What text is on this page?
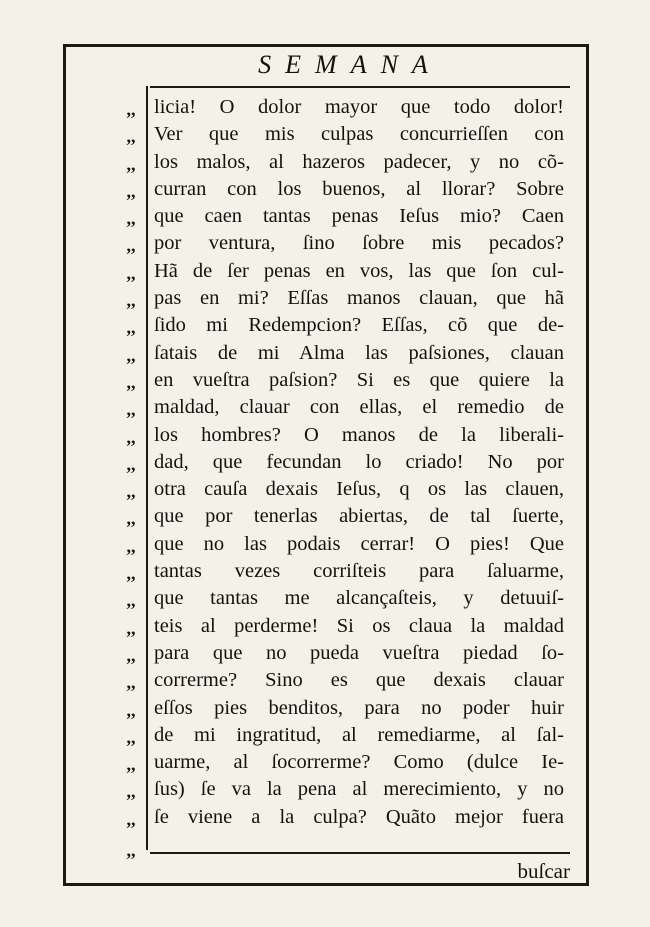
SEMANA
,,
,,
,,
,,
,,
,,
,,
,,
,,
,,
,,
,,
,,
,,
,,
,,
,,
,,
,,
,,
,,
,,
,,
,,
,,
,,
,,
,,
licia! O dolor mayor que todo dolor!
Ver que mis culpas concurrieſſen con
los malos, al hazeros padecer, y no cõ-
curran con los buenos, al llorar? Sobre
que caen tantas penas Ieſus mio? Caen
por ventura, ſino ſobre mis pecados?
Hã de ſer penas en vos, las que ſon cul-
pas en mi? Eſſas manos clauan, que hã
ſido mi Redempcion? Eſſas, cõ que de-
ſatais de mi Alma las paſsiones, clauan
en vueſtra paſsion? Si es que quiere la
maldad, clauar con ellas, el remedio de
los hombres? O manos de la liberali-
dad, que fecundan lo criado! No por
otra cauſa dexais Ieſus, q os las clauen,
que por tenerlas abiertas, de tal ſuerte,
que no las podais cerrar! O pies! Que
tantas vezes corriſteis para ſaluarme,
que tantas me alcançaſteis, y detuuiſ-
teis al perderme! Si os claua la maldad
para que no pueda vueſtra piedad ſo-
correrme? Sino es que dexais clauar
eſſos pies benditos, para no poder huir
de mi ingratitud, al remediarme, al ſal-
uarme, al ſocorrerme? Como (dulce Ie-
ſus) ſe va la pena al merecimiento, y no
ſe viene a la culpa? Quãto mejor fuera
buſcar
